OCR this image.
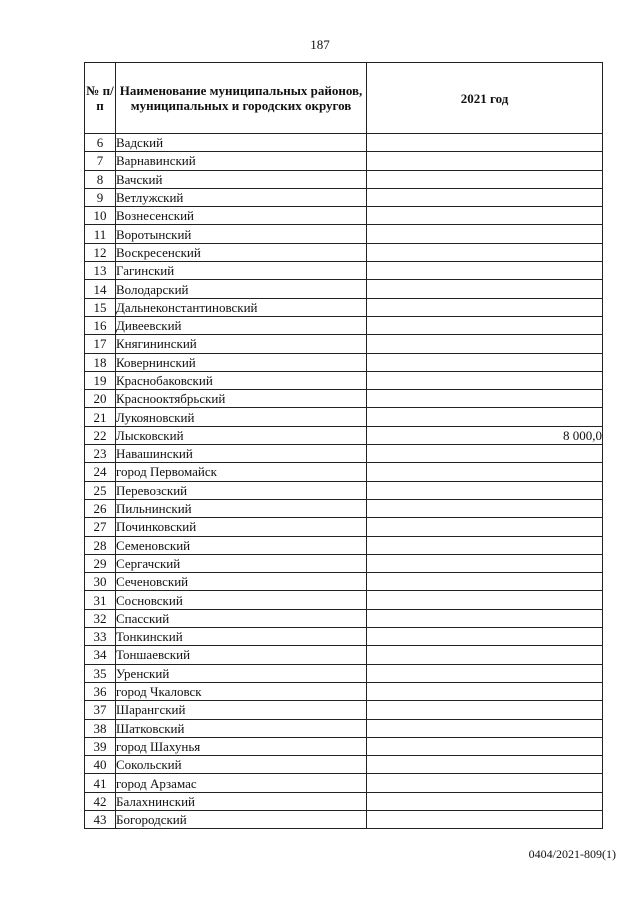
187
№ п/п	Наименование муниципальных районов, муниципальных и городских округов	2021 год
6	Вадский	
7	Варнавинский	
8	Вачский	
9	Ветлужский	
10	Вознесенский	
11	Воротынский	
12	Воскресенский	
13	Гагинский	
14	Володарский	
15	Дальнеконстантиновский	
16	Дивеевский	
17	Княгининский	
18	Ковернинский	
19	Краснобаковский	
20	Краснооктябрьский	
21	Лукояновский	
22	Лысковский	8 000,0
23	Навашинский	
24	город Первомайск	
25	Перевозский	
26	Пильнинский	
27	Починковский	
28	Семеновский	
29	Сергачский	
30	Сеченовский	
31	Сосновский	
32	Спасский	
33	Тонкинский	
34	Тоншаевский	
35	Уренский	
36	город Чкаловск	
37	Шарангский	
38	Шатковский	
39	город Шахунья	
40	Сокольский	
41	город Арзамас	
42	Балахнинский	
43	Богородский	
0404/2021-809(1)
